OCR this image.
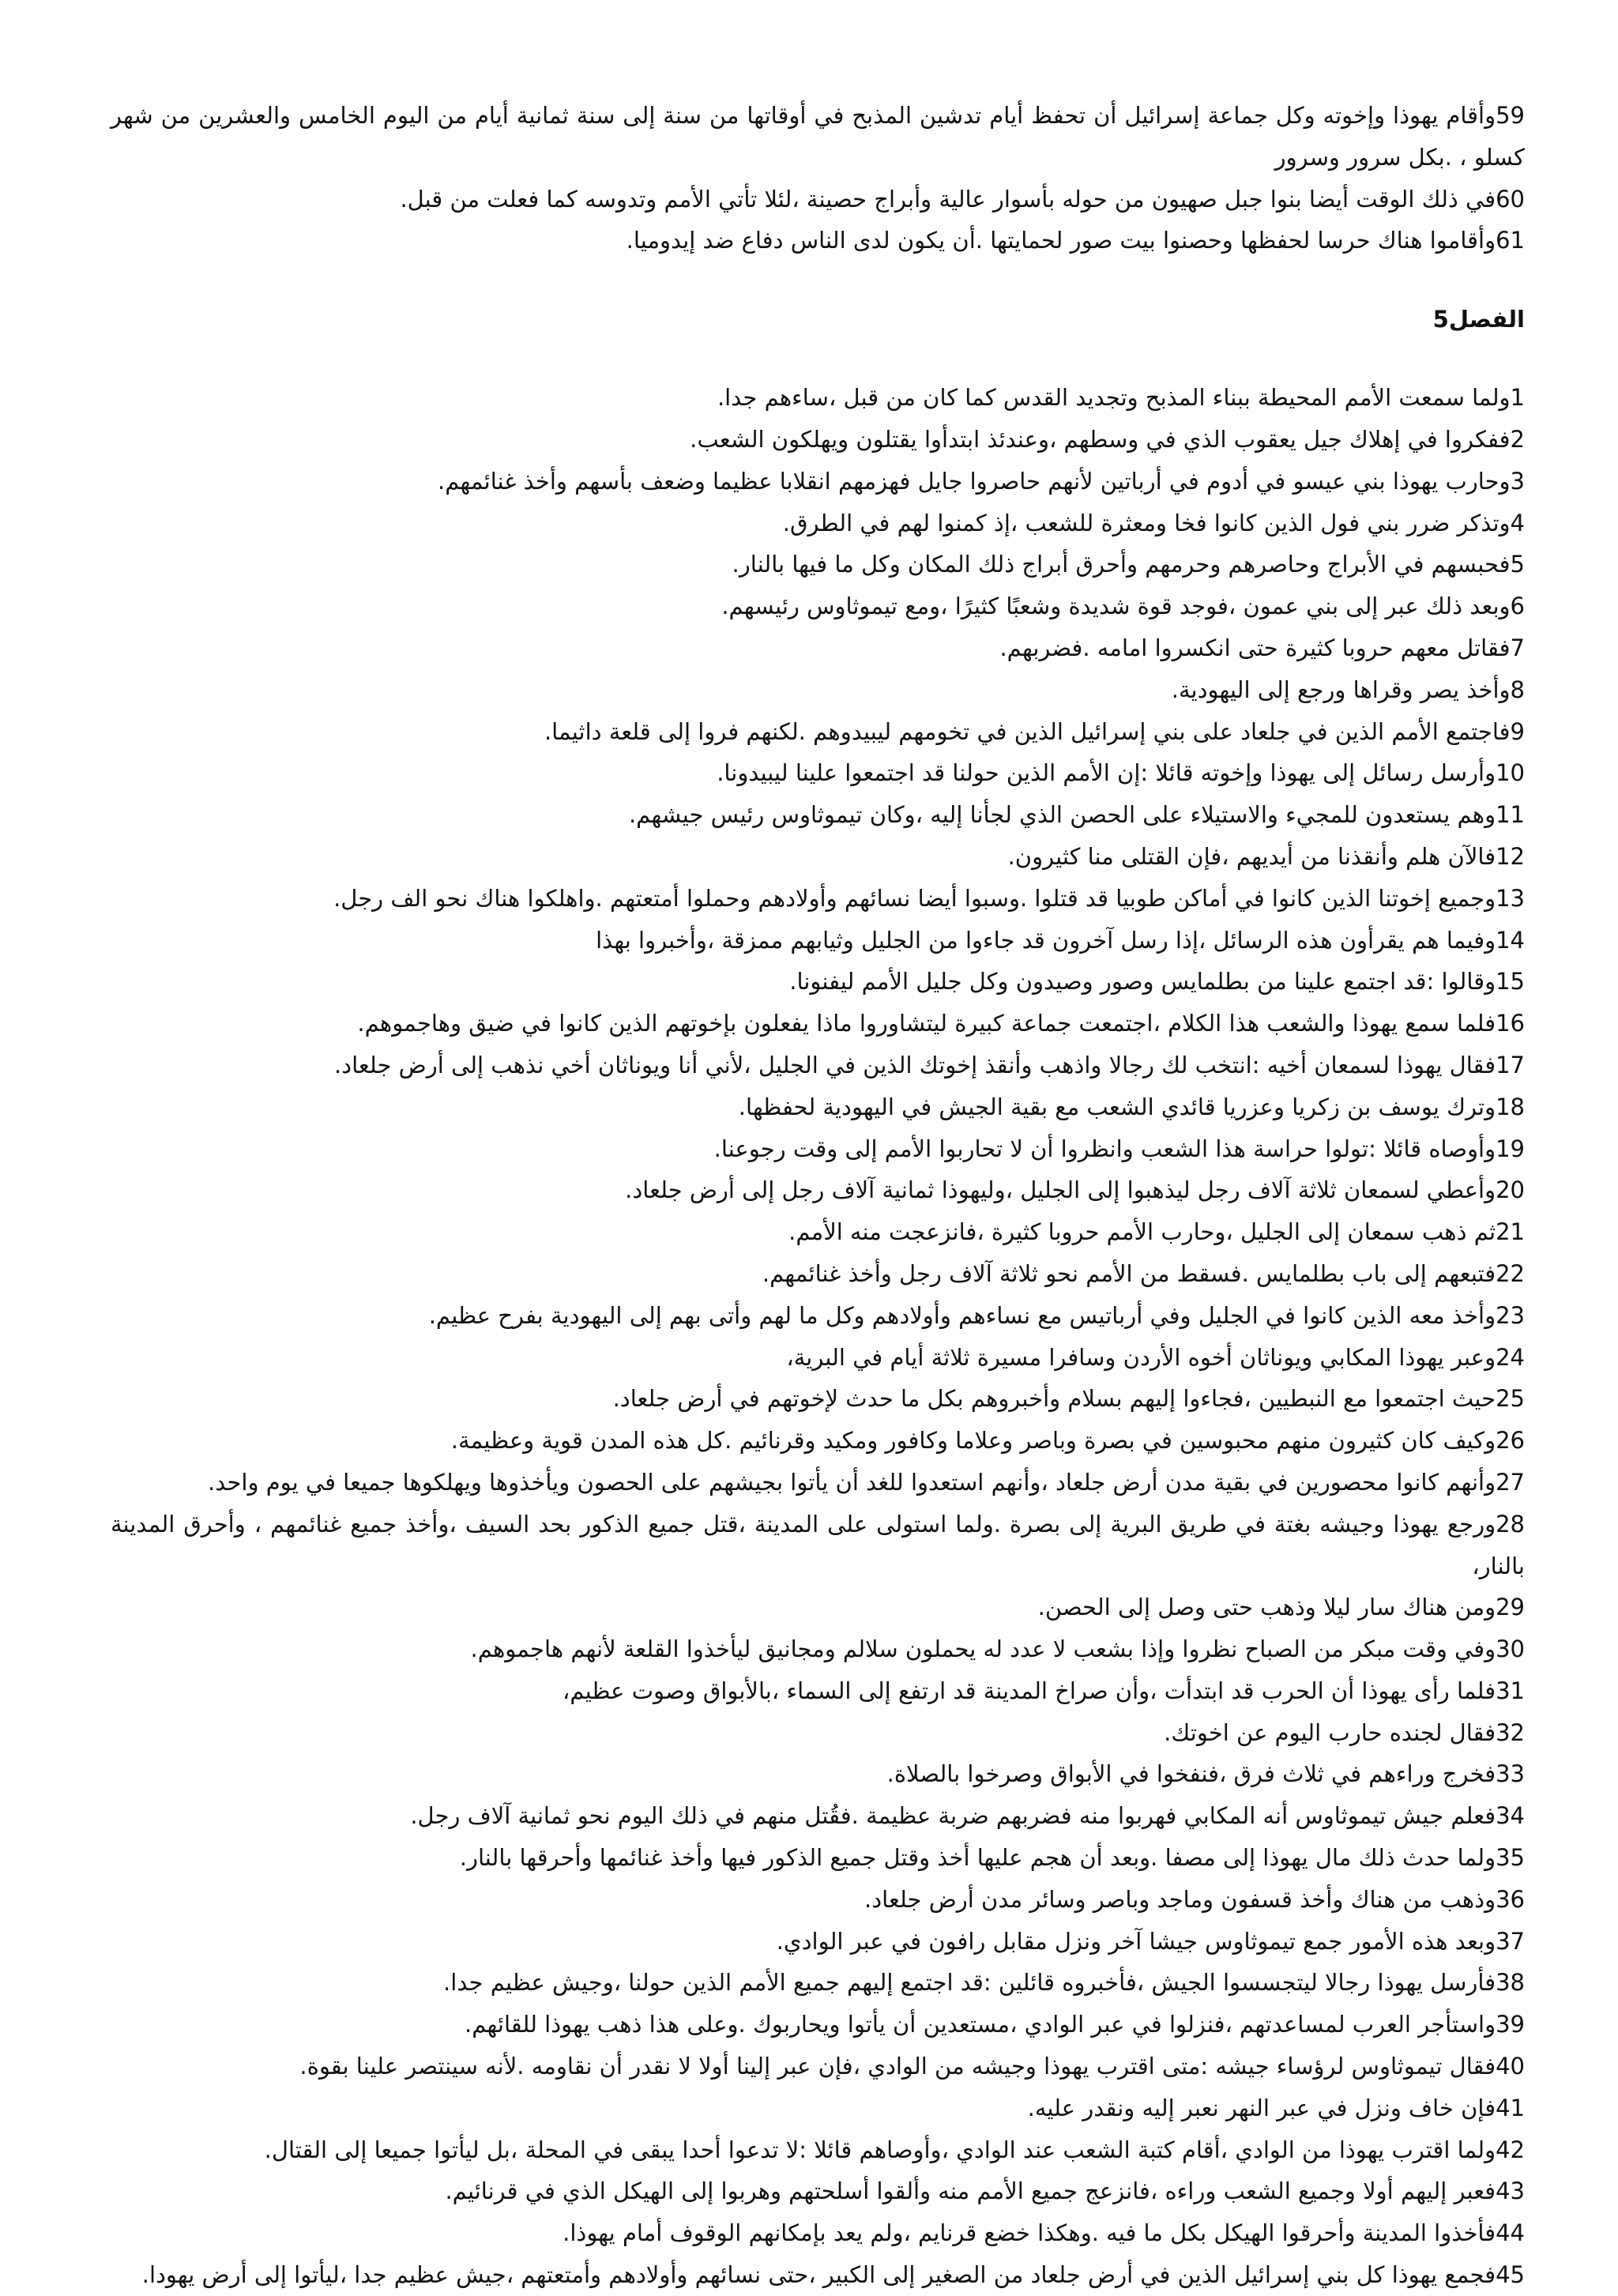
59وأقام يهوذا وإخوته وكل جماعة إسرائيل أن تحفظ أيام تدشين المذبح في أوقاتها من سنة إلى سنة ثمانية أيام من اليوم الخامس والعشرين من شهر كسلو ، .بكل سرور وسرور

60في ذلك الوقت أيضا بنوا جبل صهيون من حوله بأسوار عالية وأبراج حصينة ،لئلا تأتي الأمم وتدوسه كما فعلت من قبل.

61وأقاموا هناك حرسا لحفظها وحصنوا بيت صور لحمايتها .أن يكون لدى الناس دفاع ضد إيدوميا.

الفصل5

1ولما سمعت الأمم المحيطة ببناء المذبح وتجديد القدس كما كان من قبل ،ساءهم جدا.

2ففكروا في إهلاك جيل يعقوب الذي في وسطهم ،وعندئذ ابتدأوا يقتلون ويهلكون الشعب.

3وحارب يهوذا بني عيسو في أدوم في أرباتين لأنهم حاصروا جايل فهزمهم انقلابا عظيما وضعف بأسهم وأخذ غنائمهم.

4وتذكر ضرر بني فول الذين كانوا فخا ومعثرة للشعب ،إذ كمنوا لهم في الطرق.

5فحبسهم في الأبراج وحاصرهم وحرمهم وأحرق أبراج ذلك المكان وكل ما فيها بالنار.

6وبعد ذلك عبر إلى بني عمون ،فوجد قوة شديدة وشعبًا كثيرًا ،ومع تيموثاوس رئيسهم.

7فقاتل معهم حروبا كثيرة حتى انكسروا امامه .فضربهم.

8وأخذ يصر وقراها ورجع إلى اليهودية.

9فاجتمع الأمم الذين في جلعاد على بني إسرائيل الذين في تخومهم ليبيدوهم .لكنهم فروا إلى قلعة داثيما.

10وأرسل رسائل إلى يهوذا وإخوته قائلا :إن الأمم الذين حولنا قد اجتمعوا علينا ليبيدونا.

11وهم يستعدون للمجيء والاستيلاء على الحصن الذي لجأنا إليه ،وكان تيموثاوس رئيس جيشهم.

12فالآن هلم وأنقذنا من أيديهم ،فإن القتلى منا كثيرون.

13وجميع إخوتنا الذين كانوا في أماكن طوبيا قد قتلوا .وسبوا أيضا نسائهم وأولادهم وحملوا أمتعتهم .واهلكوا هناك نحو الف رجل.

14وفيما هم يقرأون هذه الرسائل ،إذا رسل آخرون قد جاءوا من الجليل وثيابهم ممزقة ،وأخبروا بهذا

15وقالوا :قد اجتمع علينا من بطلمايس وصور وصيدون وكل جليل الأمم ليفنونا.

16فلما سمع يهوذا والشعب هذا الكلام ،اجتمعت جماعة كبيرة ليتشاوروا ماذا يفعلون بإخوتهم الذين كانوا في ضيق وهاجموهم.

17فقال يهوذا لسمعان أخيه :انتخب لك رجالا واذهب وأنقذ إخوتك الذين في الجليل ،لأني أنا ويوناثان أخي نذهب إلى أرض جلعاد.

18وترك يوسف بن زكريا وعزريا قائدي الشعب مع بقية الجيش في اليهودية لحفظها.

19وأوصاه قائلا :تولوا حراسة هذا الشعب وانظروا أن لا تحاربوا الأمم إلى وقت رجوعنا.

20وأعطي لسمعان ثلاثة آلاف رجل ليذهبوا إلى الجليل ،وليهوذا ثمانية آلاف رجل إلى أرض جلعاد.

21ثم ذهب سمعان إلى الجليل ،وحارب الأمم حروبا كثيرة ،فانزعجت منه الأمم.

22فتبعهم إلى باب بطلمايس .فسقط من الأمم نحو ثلاثة آلاف رجل وأخذ غنائمهم.

23وأخذ معه الذين كانوا في الجليل وفي أرباتيس مع نساءهم وأولادهم وكل ما لهم وأتى بهم إلى اليهودية بفرح عظيم.

24وعبر يهوذا المكابي ويوناثان أخوه الأردن وسافرا مسيرة ثلاثة أيام في البرية،

25حيث اجتمعوا مع النبطيين ،فجاءوا إليهم بسلام وأخبروهم بكل ما حدث لإخوتهم في أرض جلعاد.

26وكيف كان كثيرون منهم محبوسين في بصرة وباصر وعلاما وكافور ومكيد وقرنائيم .كل هذه المدن قوية وعظيمة.

27وأنهم كانوا محصورين في بقية مدن أرض جلعاد ،وأنهم استعدوا للغد أن يأتوا بجيشهم على الحصون ويأخذوها ويهلكوها جميعا في يوم واحد.

28ورجع يهوذا وجيشه بغتة في طريق البرية إلى بصرة .ولما استولى على المدينة ،قتل جميع الذكور بحد السيف ،وأخذ جميع غنائمهم ، وأحرق المدينة بالنار،

29ومن هناك سار ليلا وذهب حتى وصل إلى الحصن.

30وفي وقت مبكر من الصباح نظروا وإذا بشعب لا عدد له يحملون سلالم ومجانيق ليأخذوا القلعة لأنهم هاجموهم.

31فلما رأى يهوذا أن الحرب قد ابتدأت ،وأن صراخ المدينة قد ارتفع إلى السماء ،بالأبواق وصوت عظيم،

32فقال لجنده حارب اليوم عن اخوتك.

33فخرج وراءهم في ثلاث فرق ،فنفخوا في الأبواق وصرخوا بالصلاة.

34فعلم جيش تيموثاوس أنه المكابي فهربوا منه فضربهم ضربة عظيمة .فقُتل منهم في ذلك اليوم نحو ثمانية آلاف رجل.

35ولما حدث ذلك مال يهوذا إلى مصفا .وبعد أن هجم عليها أخذ وقتل جميع الذكور فيها وأخذ غنائمها وأحرقها بالنار.

36وذهب من هناك وأخذ قسفون وماجد وباصر وسائر مدن أرض جلعاد.

37وبعد هذه الأمور جمع تيموثاوس جيشا آخر ونزل مقابل رافون في عبر الوادي.

38فأرسل يهوذا رجالا ليتجسسوا الجيش ،فأخبروه قائلين :قد اجتمع إليهم جميع الأمم الذين حولنا ،وجيش عظيم جدا.

39واستأجر العرب لمساعدتهم ،فنزلوا في عبر الوادي ،مستعدين أن يأتوا ويحاربوك .وعلى هذا ذهب يهوذا للقائهم.

40فقال تيموثاوس لرؤساء جيشه :متى اقترب يهوذا وجيشه من الوادي ،فإن عبر إلينا أولا لا نقدر أن نقاومه .لأنه سينتصر علينا بقوة.

41فإن خاف ونزل في عبر النهر نعبر إليه ونقدر عليه.

42ولما اقترب يهوذا من الوادي ،أقام كتبة الشعب عند الوادي ،وأوصاهم قائلا :لا تدعوا أحدا يبقى في المحلة ،بل ليأتوا جميعا إلى القتال.

43فعبر إليهم أولا وجميع الشعب وراءه ،فانزعج جميع الأمم منه وألقوا أسلحتهم وهربوا إلى الهيكل الذي في قرنائيم.

44فأخذوا المدينة وأحرقوا الهيكل بكل ما فيه .وهكذا خضع قرنايم ،ولم يعد بإمكانهم الوقوف أمام يهوذا.

45فجمع يهوذا كل بني إسرائيل الذين في أرض جلعاد من الصغير إلى الكبير ،حتى نسائهم وأولادهم وأمتعتهم ،جيش عظيم جدا ،ليأتوا إلى أرض يهودا.
